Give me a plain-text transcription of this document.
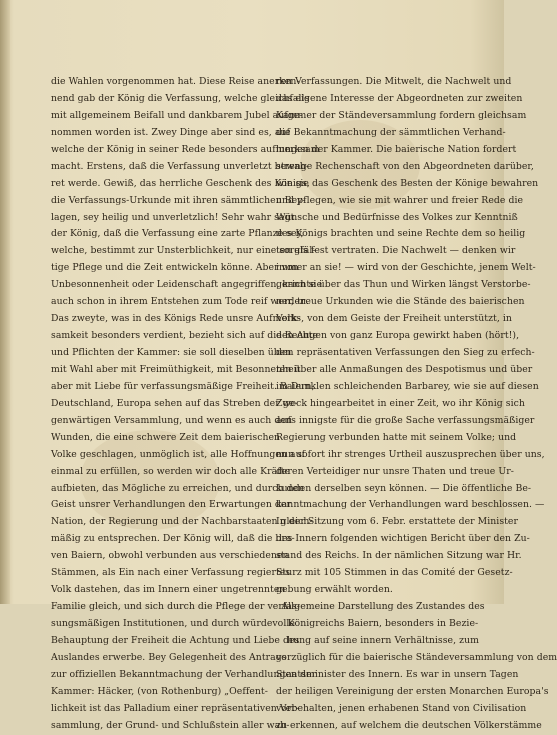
die Wahlen vorgenommen hat. Diese Reise anerken-
nend gab der König die Verfassung, welche gleichfalls
mit allgemeinem Beifall und dankbarem Jubel aufge-
nommen worden ist. Zwey Dinge aber sind es, auf
welche der König in seiner Rede besonders aufmerksam
macht. Erstens, daß die Verfassung unverletzt bewah-
ret werde. Gewiß, das herrliche Geschenk des Königs,
die Verfassungs-Urkunde mit ihren sämmtlichen Bey-
lagen, sey heilig und unverletzlich! Sehr wahr sagt
der König, daß die Verfassung eine zarte Pflanze sey,
welche, bestimmt zur Unsterblichkeit, nur eine sorgfäl-
tige Pflege und die Zeit entwickeln könne. Aber von
Unbesonnenheit oder Leidenschaft angegriffen, kann sie
auch schon in ihrem Entstehen zum Tode reif werden.
Das zweyte, was in des Königs Rede unsre Aufmerk-
samkeit besonders verdient, bezieht sich auf die Rechte
und Pflichten der Kammer: sie soll dieselben üben
mit Wahl aber mit Freimüthigkeit, mit Besonnenheit
aber mit Liebe für verfassungsmäßige Freiheit. Baiern,
Deutschland, Europa sehen auf das Streben der ge-
genwärtigen Versammlung, und wenn es auch den
Wunden, die eine schwere Zeit dem baierischen
Volke geschlagen, unmöglich ist, alle Hoffnungen auf
einmal zu erfüllen, so werden wir doch alle Kräfte
aufbieten, das Mögliche zu erreichen, und durch den
Geist unsrer Verhandlungen den Erwartungen der
Nation, der Regierung und der Nachbarstaaten gleich-
mäßig zu entsprechen. Der König will, daß die bra-
ven Baiern, obwohl verbunden aus verschiedenen
Stämmen, als Ein nach einer Verfassung regiertes
Volk dastehen, das im Innern einer ungetrennten
Familie gleich, und sich durch die Pflege der verfas-
sungsmäßigen Institutionen, und durch würdevolle
Behauptung der Freiheit die Achtung und Liebe des
Auslandes erwerbe. Bey Gelegenheit des Antrags
zur offiziellen Bekanntmachung der Verhandlungen der
Kammer: Häcker, (von Rothenburg) „Oeffent-
lichkeit ist das Palladium einer repräsentativen Ver-
sammlung, der Grund- und Schlußstein aller wah-
ren Verfassungen. Die Mitwelt, die Nachwelt und
das eigene Interesse der Abgeordneten zur zweiten
Kammer der Ständeversammlung fordern gleichsam
die Bekanntmachung der sämmtlichen Verhand-
lungen der Kammer. Die baierische Nation fordert
strenge Rechenschaft von den Abgeordneten darüber,
wie sie das Geschenk des Besten der Könige bewahren
und pflegen, wie sie mit wahrer und freier Rede die
Wünsche und Bedürfnisse des Volkes zur Kenntniß
des Königs brachten und seine Rechte dem so heilig
ten als fest vertraten. Die Nachwelt — denken wir
immer an sie! — wird von der Geschichte, jenem Welt-
gerichte über das Thun und Wirken längst Verstorbe-
ner, treue Urkunden wie die Stände des baierischen
Volks, von dem Geiste der Freiheit unterstützt, in
den Augen von ganz Europa gewirkt haben (hört!),
den repräsentativen Verfassungen den Sieg zu erfech-
ten über alle Anmaßungen des Despotismus und über
im Dunklen schleichenden Barbarey, wie sie auf diesen
Zweck hingearbeitet in einer Zeit, wo ihr König sich
aufs innigste für die große Sache verfassungsmäßiger
Regierung verbunden hatte mit seinem Volke; und
nun sofort ihr strenges Urtheil auszusprechen über uns,
deren Verteidiger nur unsre Thaten und treue Ur-
kunden derselben seyn können. — Die öffentliche Be-
kanntmachung der Verhandlungen ward beschlossen. —
In der Sitzung vom 6. Febr. erstattete der Minister
des Innern folgenden wichtigen Bericht über den Zu-
stand des Reichs. In der nämlichen Sitzung war Hr.
Sturz mit 105 Stimmen in das Comité der Gesetz-
gebung erwählt worden.
Allgemeine Darstellung des Zustandes des
Königreichs Baiern, besonders in Bezie-
hung auf seine innern Verhältnisse, zum
vorzüglich für die baierische Ständeversammlung von dem
Staatsminister des Innern. Es war in unsern Tagen
der heiligen Vereinigung der ersten Monarchen Europa's
vorbehalten, jenen erhabenen Stand von Civilisation
zu erkennen, auf welchem die deutschen Völkerstämme
